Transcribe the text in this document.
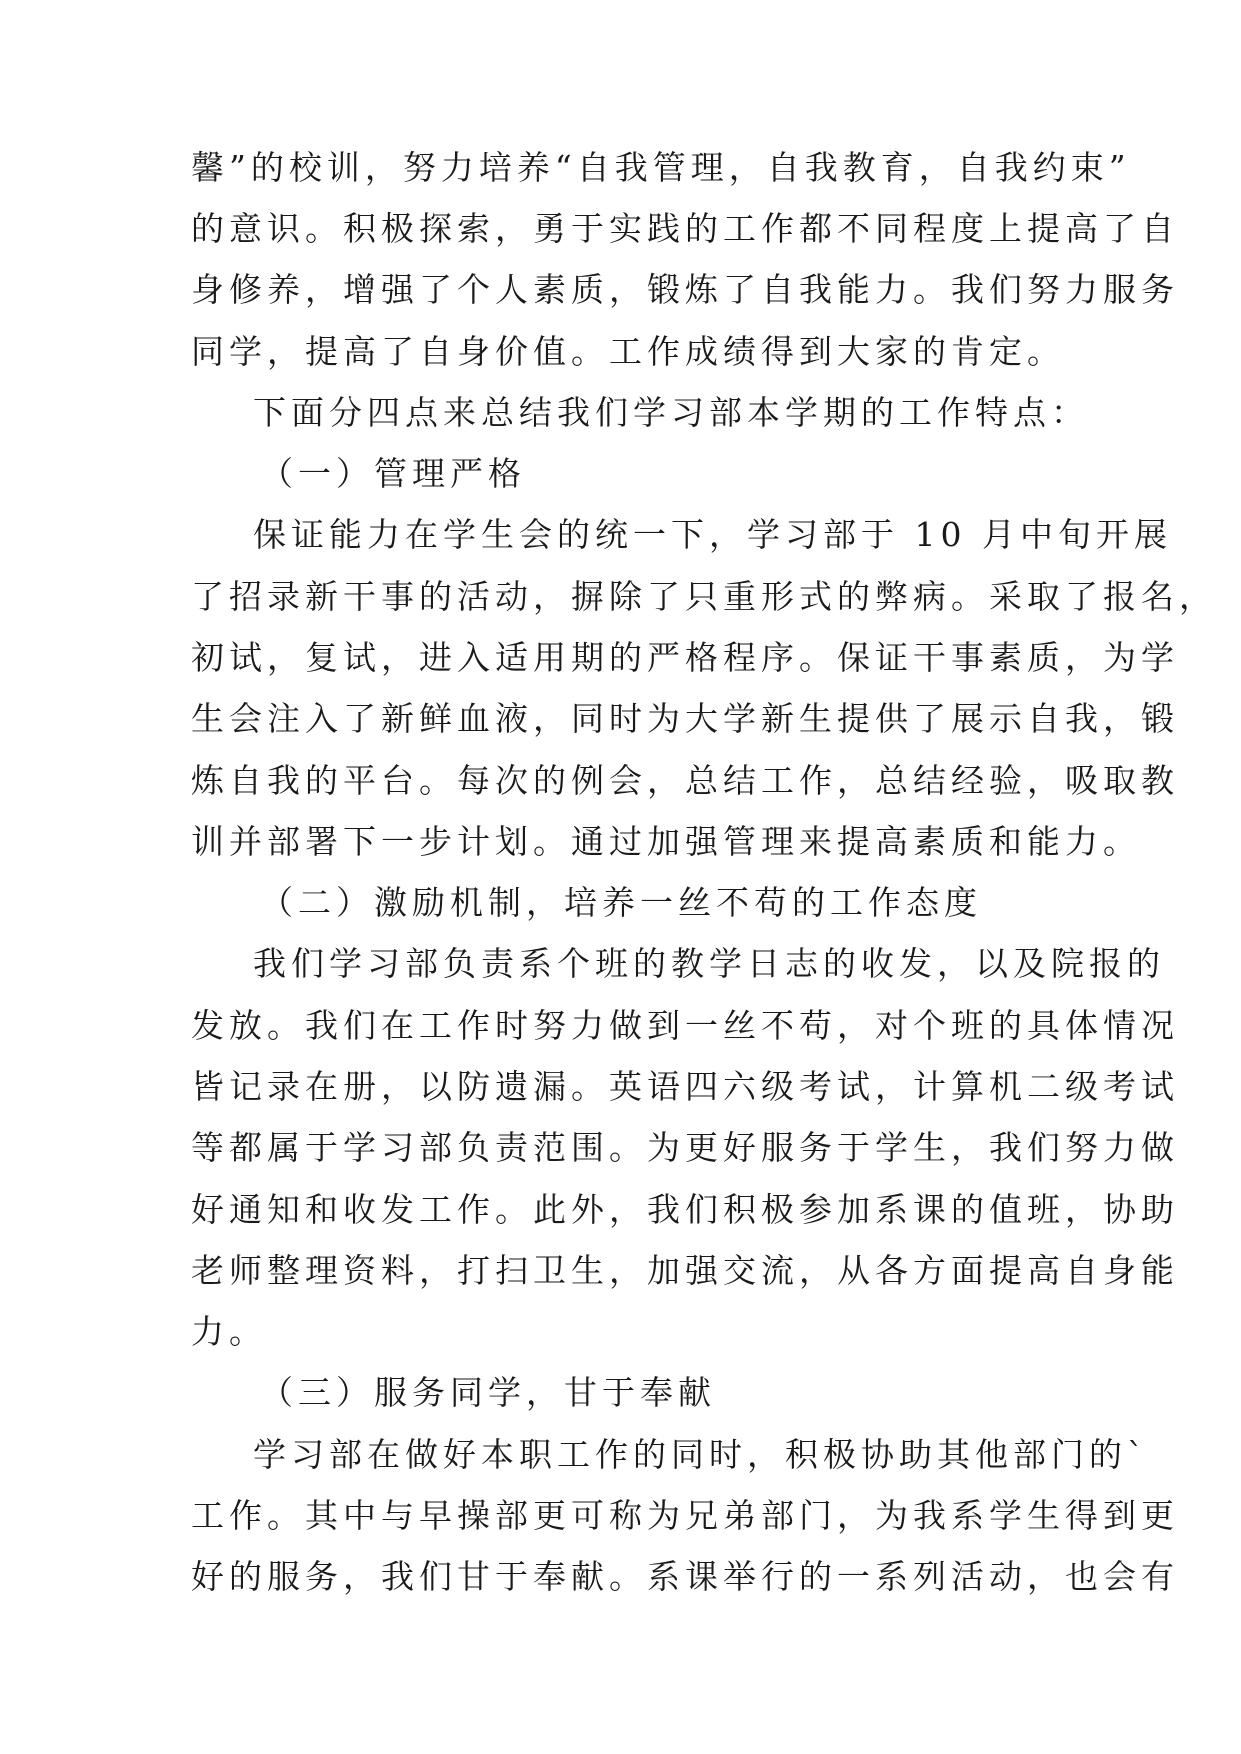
馨”的校训，努力培养“自我管理，自我教育，自我约束”
的意识。积极探索，勇于实践的工作都不同程度上提高了自
身修养，增强了个人素质，锻炼了自我能力。我们努力服务
同学，提高了自身价值。工作成绩得到大家的肯定。
下面分四点来总结我们学习部本学期的工作特点：
（一）管理严格
保证能力在学生会的统一下，学习部于 10 月中旬开展
了招录新干事的活动，摒除了只重形式的弊病。采取了报名，
初试，复试，进入适用期的严格程序。保证干事素质，为学
生会注入了新鲜血液，同时为大学新生提供了展示自我，锻
炼自我的平台。每次的例会，总结工作，总结经验，吸取教
训并部署下一步计划。通过加强管理来提高素质和能力。
（二）激励机制，培养一丝不苟的工作态度
我们学习部负责系个班的教学日志的收发，以及院报的
发放。我们在工作时努力做到一丝不苟，对个班的具体情况
皆记录在册，以防遗漏。英语四六级考试，计算机二级考试
等都属于学习部负责范围。为更好服务于学生，我们努力做
好通知和收发工作。此外，我们积极参加系课的值班，协助
老师整理资料，打扫卫生，加强交流，从各方面提高自身能
力。
（三）服务同学，甘于奉献
学习部在做好本职工作的同时，积极协助其他部门的`
工作。其中与早操部更可称为兄弟部门，为我系学生得到更
好的服务，我们甘于奉献。系课举行的一系列活动，也会有
